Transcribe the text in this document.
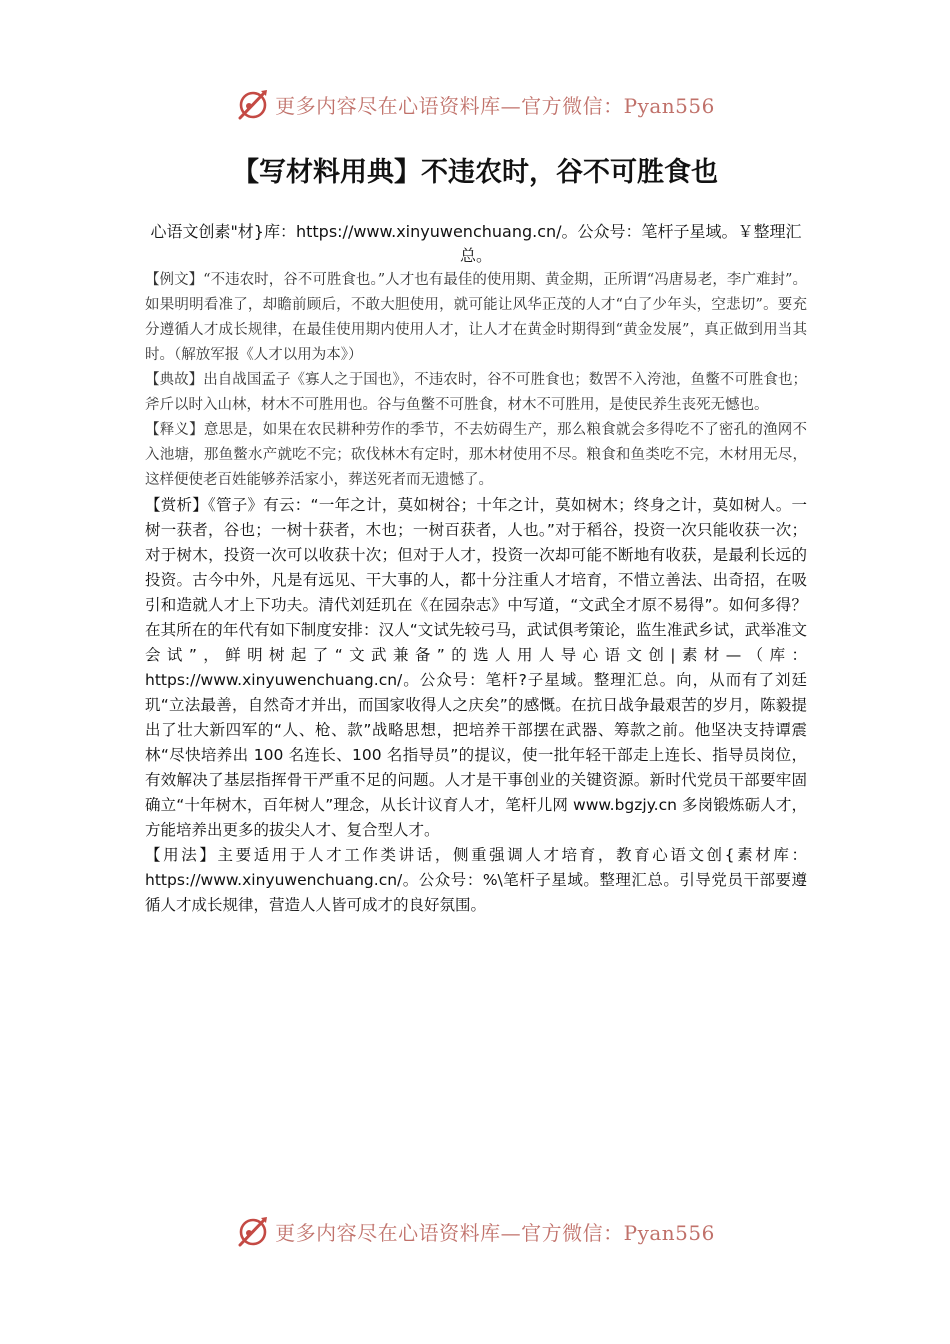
更多内容尽在心语资料库—官方微信：Pyan556
【写材料用典】不违农时，谷不可胜食也

心语文创素"材}库：https://www.xinyuwenchuang.cn/。公众号：笔杆子星域。￥整理汇总。

【例文】“不违农时，谷不可胜食也。”人才也有最佳的使用期、黄金期，正所谓“冯唐易老，李广难封”。如果明明看准了，却瞻前顾后，不敢大胆使用，就可能让风华正茂的人才“白了少年头，空悲切”。要充分遵循人才成长规律，在最佳使用期内使用人才，让人才在黄金时期得到“黄金发展”，真正做到用当其时。（解放军报《人才以用为本》）

【典故】出自战国孟子《寡人之于国也》，不违农时，谷不可胜食也；数罟不入洿池，鱼鳖不可胜食也；斧斤以时入山林，材木不可胜用也。谷与鱼鳖不可胜食，材木不可胜用，是使民养生丧死无憾也。

【释义】意思是，如果在农民耕种劳作的季节，不去妨碍生产，那么粮食就会多得吃不了密孔的渔网不入池塘，那鱼鳖水产就吃不完；砍伐林木有定时，那木材使用不尽。粮食和鱼类吃不完，木材用无尽，这样便使老百姓能够养活家小，葬送死者而无遗憾了。

【赏析】《管子》有云：“一年之计，莫如树谷；十年之计，莫如树木；终身之计，莫如树人。一树一获者，谷也；一树十获者，木也；一树百获者，人也。”对于稻谷，投资一次只能收获一次；对于树木，投资一次可以收获十次；但对于人才，投资一次却可能不断地有收获，是最利长远的投资。古今中外，凡是有远见、干大事的人，都十分注重人才培育，不惜立善法、出奇招，在吸引和造就人才上下功夫。清代刘廷玑在《在园杂志》中写道，“文武全才原不易得”。如何多得？在其所在的年代有如下制度安排：汉人“文试先较弓马，武试俱考策论，监生准武乡试，武举准文会试”，鲜明树起了“文武兼备”的选人用人导心语文创|素材—（库：https://www.xinyuwenchuang.cn/。公众号：笔杆?子星域。整理汇总。向，从而有了刘廷玑“立法最善，自然奇才并出，而国家收得人之庆矣”的感慨。在抗日战争最艰苦的岁月，陈毅提出了壮大新四军的“人、枪、款”战略思想，把培养干部摆在武器、筹款之前。他坚决支持谭震林“尽快培养出 100 名连长、100 名指导员”的提议，使一批年轻干部走上连长、指导员岗位，有效解决了基层指挥骨干严重不足的问题。人才是干事创业的关键资源。新时代党员干部要牢固确立“十年树木，百年树人”理念，从长计议育人才，笔杆儿网 www.bgzjy.cn 多岗锻炼砺人才，方能培养出更多的拔尖人才、复合型人才。

【用法】主要适用于人才工作类讲话，侧重强调人才培育，教育心语文创{素材库：https://www.xinyuwenchuang.cn/。公众号：%\笔杆子星域。整理汇总。引导党员干部要遵循人才成长规律，营造人人皆可成才的良好氛围。

更多内容尽在心语资料库—官方微信：Pyan556
